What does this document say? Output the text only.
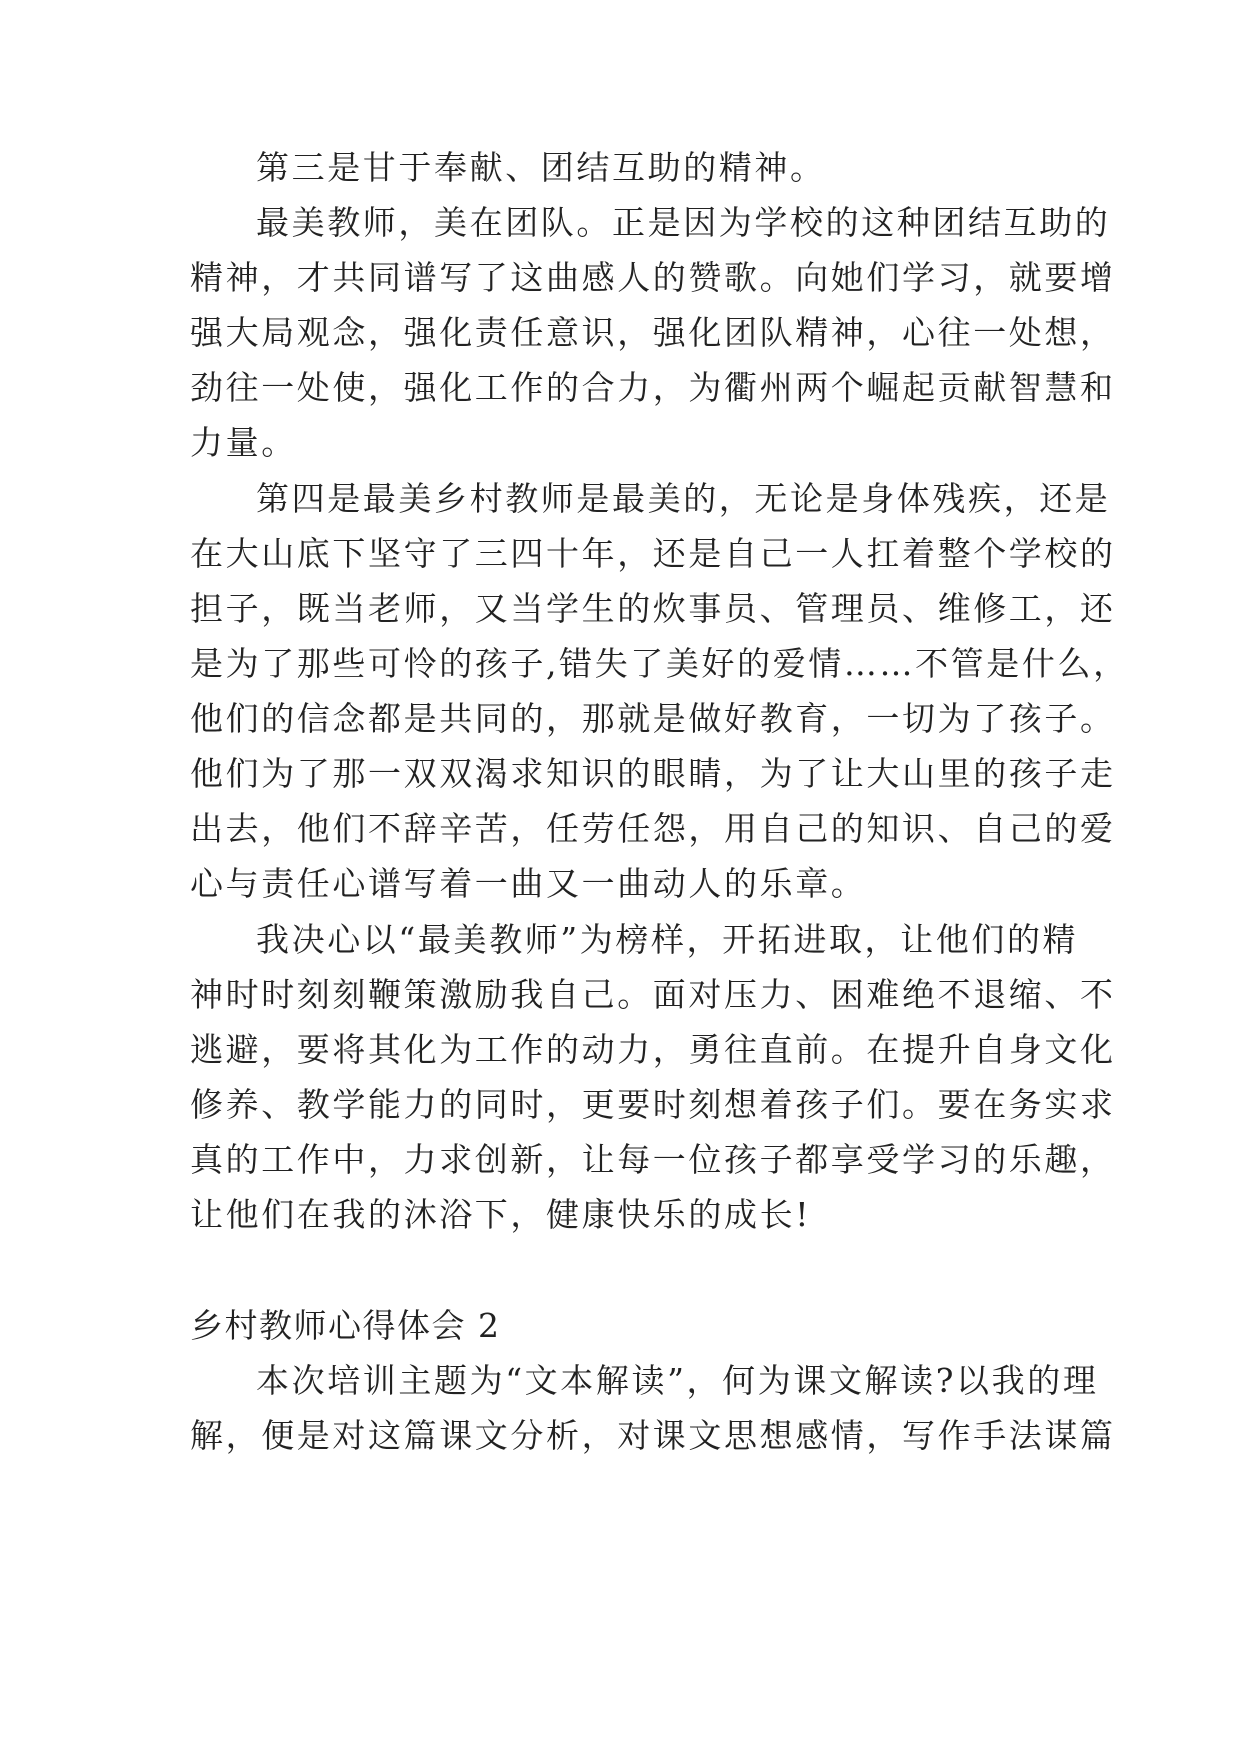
第三是甘于奉献、团结互助的精神。
最美教师，美在团队。正是因为学校的这种团结互助的
精神，才共同谱写了这曲感人的赞歌。向她们学习，就要增
强大局观念，强化责任意识，强化团队精神，心往一处想，
劲往一处使，强化工作的合力，为衢州两个崛起贡献智慧和
力量。
第四是最美乡村教师是最美的，无论是身体残疾，还是
在大山底下坚守了三四十年，还是自己一人扛着整个学校的
担子，既当老师，又当学生的炊事员、管理员、维修工，还
是为了那些可怜的孩子,错失了美好的爱情……不管是什么，
他们的信念都是共同的，那就是做好教育，一切为了孩子。
他们为了那一双双渴求知识的眼睛，为了让大山里的孩子走
出去，他们不辞辛苦，任劳任怨，用自己的知识、自己的爱
心与责任心谱写着一曲又一曲动人的乐章。
我决心以“最美教师”为榜样，开拓进取，让他们的精
神时时刻刻鞭策激励我自己。面对压力、困难绝不退缩、不
逃避，要将其化为工作的动力，勇往直前。在提升自身文化
修养、教学能力的同时，更要时刻想着孩子们。要在务实求
真的工作中，力求创新，让每一位孩子都享受学习的乐趣，
让他们在我的沐浴下，健康快乐的成长!
乡村教师心得体会 2
本次培训主题为“文本解读”，何为课文解读?以我的理
解，便是对这篇课文分析，对课文思想感情，写作手法谋篇
